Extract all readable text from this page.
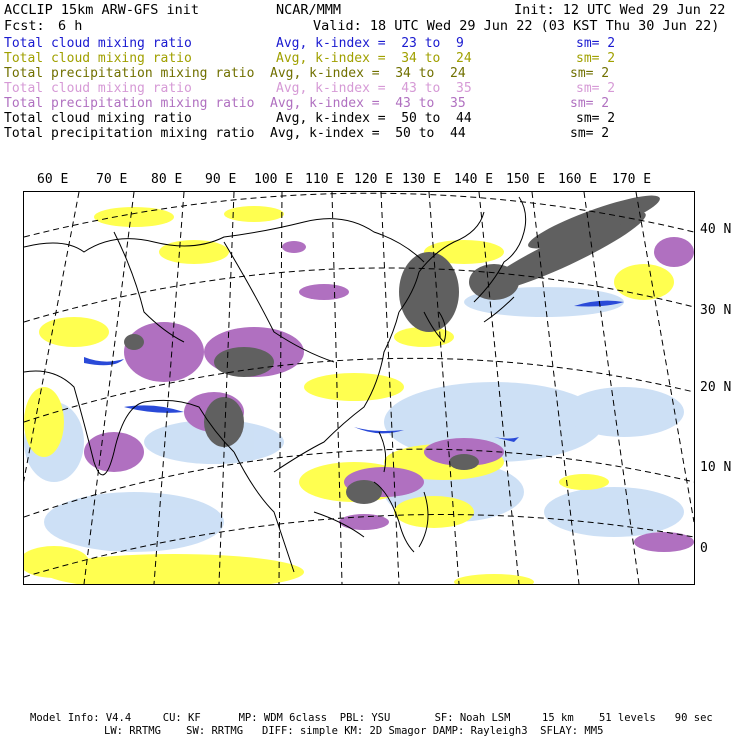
ACCLIP 15km ARW-GFS init	NCAR/MMM	Init: 12 UTC Wed 29 Jun 22
Fcst: 6 h	Valid: 18 UTC Wed 29 Jun 22 (03 KST Thu 30 Jun 22)
Total cloud mixing ratio	Avg, k-index =  23 to  9	sm= 2
Total cloud mixing ratio	Avg, k-index =  34 to  24	sm= 2
Total precipitation mixing ratio Avg, k-index =  34 to  24	sm= 2
Total cloud mixing ratio	Avg, k-index =  43 to  35	sm= 2
Total precipitation mixing ratio Avg, k-index =  43 to  35	sm= 2
Total cloud mixing ratio	Avg, k-index =  50 to  44	sm= 2
Total precipitation mixing ratio Avg, k-index =  50 to  44	sm= 2
60 E 70 E 80 E 90 E 100 E 110 E 120 E 130 E 140 E 150 E 160 E 170 E
40 N
30 N
20 N
10 N
0
Model Info: V4.4     CU: KF      MP: WDM 6class  PBL: YSU       SF: Noah LSM     15 km    51 levels   90 sec
LW: RRTMG    SW: RRTMG   DIFF: simple KM: 2D Smagor DAMP: Rayleigh3  SFLAY: MM5
